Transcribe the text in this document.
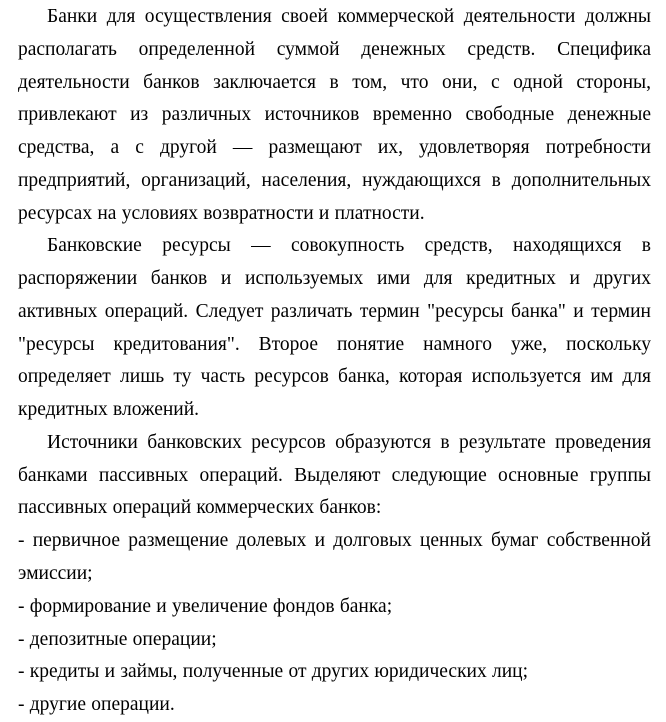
Банки для осуществления своей коммерческой деятельности должны располагать определенной суммой денежных средств. Специфика деятельности банков заключается в том, что они, с одной стороны, привлекают из различных источников временно свободные денежные средства, а с другой — размещают их, удовлетворяя потребности предприятий, организаций, населения, нуждающихся в дополнительных ресурсах на условиях возвратности и платности.

Банковские ресурсы — совокупность средств, находящихся в распоряжении банков и используемых ими для кредитных и других активных операций. Следует различать термин "ресурсы банка" и термин "ресурсы кредитования". Второе понятие намного уже, поскольку определяет лишь ту часть ресурсов банка, которая используется им для кредитных вложений.

Источники банковских ресурсов образуются в результате проведения банками пассивных операций. Выделяют следующие основные группы пассивных операций коммерческих банков:

- первичное размещение долевых и долговых ценных бумаг собственной эмиссии;

- формирование и увеличение фондов банка;

- депозитные операции;

- кредиты и займы, полученные от других юридических лиц;

- другие операции.
